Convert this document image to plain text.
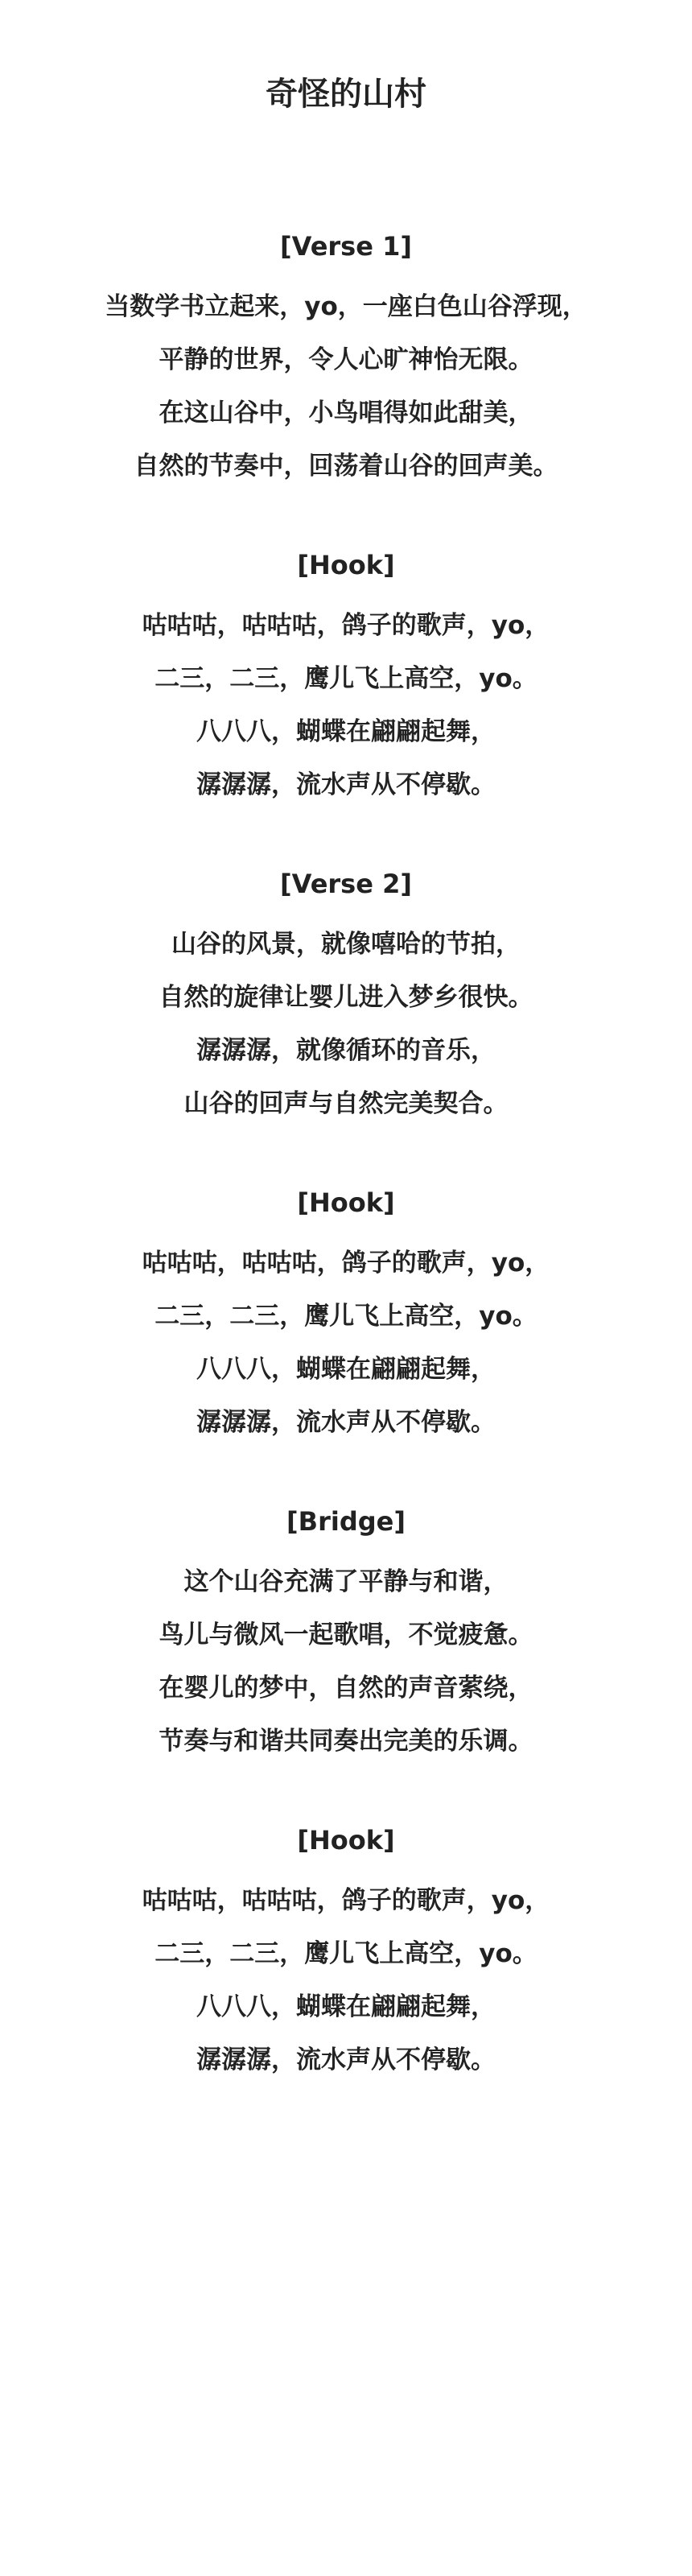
奇怪的山村
[Verse 1]
当数学书立起来，yo，一座白色山谷浮现，
平静的世界，令人心旷神怡无限。
在这山谷中，小鸟唱得如此甜美，
自然的节奏中，回荡着山谷的回声美。
[Hook]
咕咕咕，咕咕咕，鸽子的歌声，yo，
二三，二三，鹰儿飞上高空，yo。
八八八，蝴蝶在翩翩起舞，
潺潺潺，流水声从不停歇。
[Verse 2]
山谷的风景，就像嘻哈的节拍，
自然的旋律让婴儿进入梦乡很快。
潺潺潺，就像循环的音乐，
山谷的回声与自然完美契合。
[Hook]
咕咕咕，咕咕咕，鸽子的歌声，yo，
二三，二三，鹰儿飞上高空，yo。
八八八，蝴蝶在翩翩起舞，
潺潺潺，流水声从不停歇。
[Bridge]
这个山谷充满了平静与和谐，
鸟儿与微风一起歌唱，不觉疲惫。
在婴儿的梦中，自然的声音萦绕，
节奏与和谐共同奏出完美的乐调。
[Hook]
咕咕咕，咕咕咕，鸽子的歌声，yo，
二三，二三，鹰儿飞上高空，yo。
八八八，蝴蝶在翩翩起舞，
潺潺潺，流水声从不停歇。
